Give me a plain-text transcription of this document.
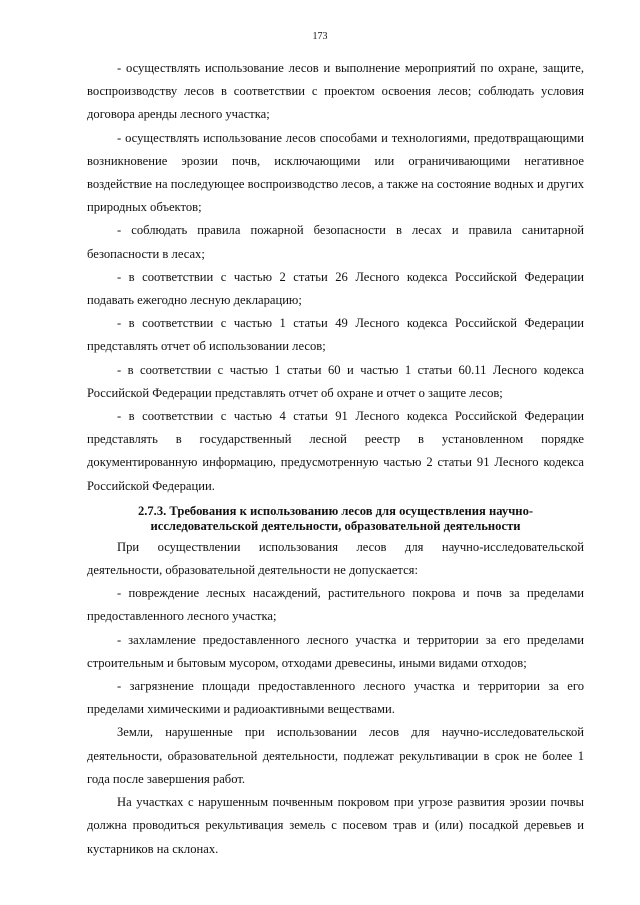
173

- осуществлять использование лесов и выполнение мероприятий по охране, защите, воспроизводству лесов в соответствии с проектом освоения лесов; соблюдать условия договора аренды лесного участка;

- осуществлять использование лесов способами и технологиями, предотвращающими возникновение эрозии почв, исключающими или ограничивающими негативное воздействие на последующее воспроизводство лесов, а также на состояние водных и других природных объектов;

- соблюдать правила пожарной безопасности в лесах и правила санитарной безопасности в лесах;

- в соответствии с частью 2 статьи 26 Лесного кодекса Российской Федерации подавать ежегодно лесную декларацию;

- в соответствии с частью 1 статьи 49 Лесного кодекса Российской Федерации представлять отчет об использовании лесов;

- в соответствии с частью 1 статьи 60 и частью 1 статьи 60.11 Лесного кодекса Российской Федерации представлять отчет об охране и отчет о защите лесов;

- в соответствии с частью 4 статьи 91 Лесного кодекса Российской Федерации представлять в государственный лесной реестр в установленном порядке документированную информацию, предусмотренную частью 2 статьи 91 Лесного кодекса Российской Федерации.

2.7.3. Требования к использованию лесов для осуществления научно-
исследовательской деятельности, образовательной деятельности

При осуществлении использования лесов для научно-исследовательской деятельности, образовательной деятельности не допускается:

- повреждение лесных насаждений, растительного покрова и почв за пределами предоставленного лесного участка;

- захламление предоставленного лесного участка и территории за его пределами строительным и бытовым мусором, отходами древесины, иными видами отходов;

- загрязнение площади предоставленного лесного участка и территории за его пределами химическими и радиоактивными веществами.

Земли, нарушенные при использовании лесов для научно-исследовательской деятельности, образовательной деятельности, подлежат рекультивации в срок не более 1 года после завершения работ.

На участках с нарушенным почвенным покровом при угрозе развития эрозии почвы должна проводиться рекультивация земель с посевом трав и (или) посадкой деревьев и кустарников на склонах.
